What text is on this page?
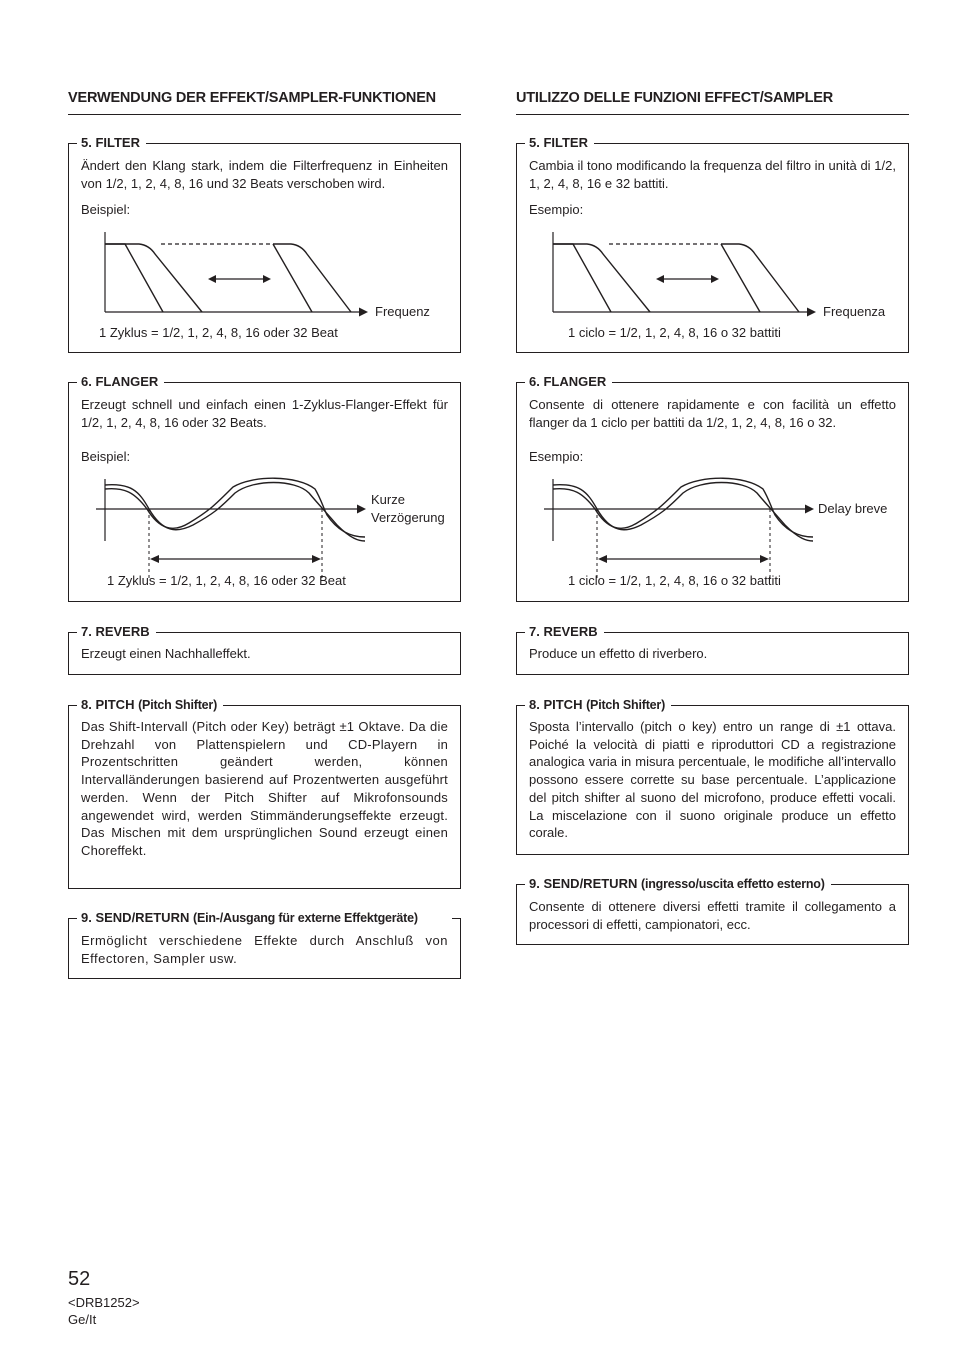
VERWENDUNG DER EFFEKT/SAMPLER-FUNKTIONEN
5. FILTER
Ändert den Klang stark, indem die Filterfrequenz in Einheiten von 1/2, 1, 2, 4, 8, 16 und 32 Beats verschoben wird.
Beispiel:
Frequenz
1 Zyklus = 1/2, 1, 2, 4, 8, 16 oder 32 Beat
6. FLANGER
Erzeugt schnell und einfach einen 1-Zyklus-Flanger-Effekt für 1/2, 1, 2, 4, 8, 16 oder 32 Beats.
Beispiel:
Kurze
Verzögerung
1 Zyklus = 1/2, 1, 2, 4, 8, 16 oder 32 Beat
7. REVERB
Erzeugt einen Nachhalleffekt.
8. PITCH (Pitch Shifter)
Das Shift-Intervall (Pitch oder Key) beträgt ±1 Oktave. Da die Drehzahl von Plattenspielern und CD-Playern in Prozentschritten geändert werden, können Intervalländerungen basierend auf Prozentwerten ausgeführt werden. Wenn der Pitch Shifter auf Mikrofonsounds angewendet wird, werden Stimmänderungseffekte erzeugt. Das Mischen mit dem ursprünglichen Sound erzeugt einen Choreffekt.
9. SEND/RETURN (Ein-/Ausgang für externe Effektgeräte)
Ermöglicht verschiedene Effekte durch Anschluß von Effectoren, Sampler usw.
UTILIZZO DELLE FUNZIONI EFFECT/SAMPLER
5. FILTER
Cambia il tono modificando la frequenza del filtro in unità di 1/2, 1, 2, 4, 8, 16 e 32 battiti.
Esempio:
Frequenza
1 ciclo = 1/2, 1, 2, 4, 8, 16 o 32 battiti
6. FLANGER
Consente di ottenere rapidamente e con facilità un effetto flanger da 1 ciclo per battiti da 1/2, 1, 2, 4, 8, 16 o 32.
Esempio:
Delay breve
1 ciclo = 1/2, 1, 2, 4, 8, 16 o 32 battiti
7. REVERB
Produce un effetto di riverbero.
8. PITCH (Pitch Shifter)
Sposta l’intervallo (pitch o key) entro un range di ±1 ottava. Poiché la velocità di piatti e riproduttori CD a registrazione analogica varia in misura percentuale, le modifiche all’intervallo possono essere corrette su base percentuale. L’applicazione del pitch shifter al suono del microfono, produce effetti vocali. La miscelazione con il suono originale produce un effetto corale.
9. SEND/RETURN (ingresso/uscita effetto esterno)
Consente di ottenere diversi effetti tramite il collegamento a processori di effetti, campionatori, ecc.
52
<DRB1252>
Ge/It
